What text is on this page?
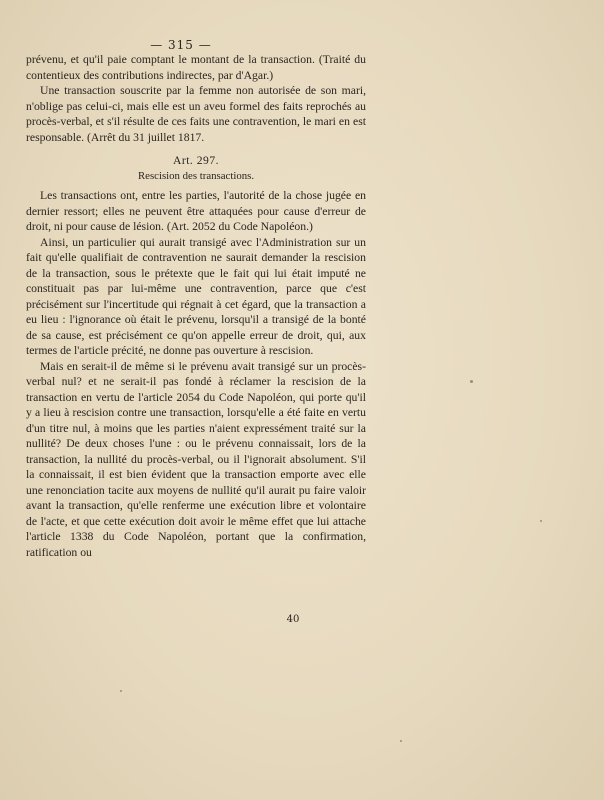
— 315 —

prévenu, et qu'il paie comptant le montant de la transaction. (Traité du contentieux des contributions indirectes, par d'Agar.)

Une transaction souscrite par la femme non autorisée de son mari, n'oblige pas celui-ci, mais elle est un aveu formel des faits reprochés au procès-verbal, et s'il résulte de ces faits une contravention, le mari en est responsable. (Arrêt du 31 juillet 1817.

Art. 297.

Rescision des transactions.

Les transactions ont, entre les parties, l'autorité de la chose jugée en dernier ressort; elles ne peuvent être attaquées pour cause d'erreur de droit, ni pour cause de lésion. (Art. 2052 du Code Napoléon.)

Ainsi, un particulier qui aurait transigé avec l'Administration sur un fait qu'elle qualifiait de contravention ne saurait demander la rescision de la transaction, sous le prétexte que le fait qui lui était imputé ne constituait pas par lui-même une contravention, parce que c'est précisément sur l'incertitude qui régnait à cet égard, que la transaction a eu lieu : l'ignorance où était le prévenu, lorsqu'il a transigé de la bonté de sa cause, est précisément ce qu'on appelle erreur de droit, qui, aux termes de l'article précité, ne donne pas ouverture à rescision.

Mais en serait-il de même si le prévenu avait transigé sur un procès-verbal nul? et ne serait-il pas fondé à réclamer la rescision de la transaction en vertu de l'article 2054 du Code Napoléon, qui porte qu'il y a lieu à rescision contre une transaction, lorsqu'elle a été faite en vertu d'un titre nul, à moins que les parties n'aient expressément traité sur la nullité? De deux choses l'une : ou le prévenu connaissait, lors de la transaction, la nullité du procès-verbal, ou il l'ignorait absolument. S'il la connaissait, il est bien évident que la transaction emporte avec elle une renonciation tacite aux moyens de nullité qu'il aurait pu faire valoir avant la transaction, qu'elle renferme une exécution libre et volontaire de l'acte, et que cette exécution doit avoir le même effet que lui attache l'article 1338 du Code Napoléon, portant que la confirmation, ratification ou

40
